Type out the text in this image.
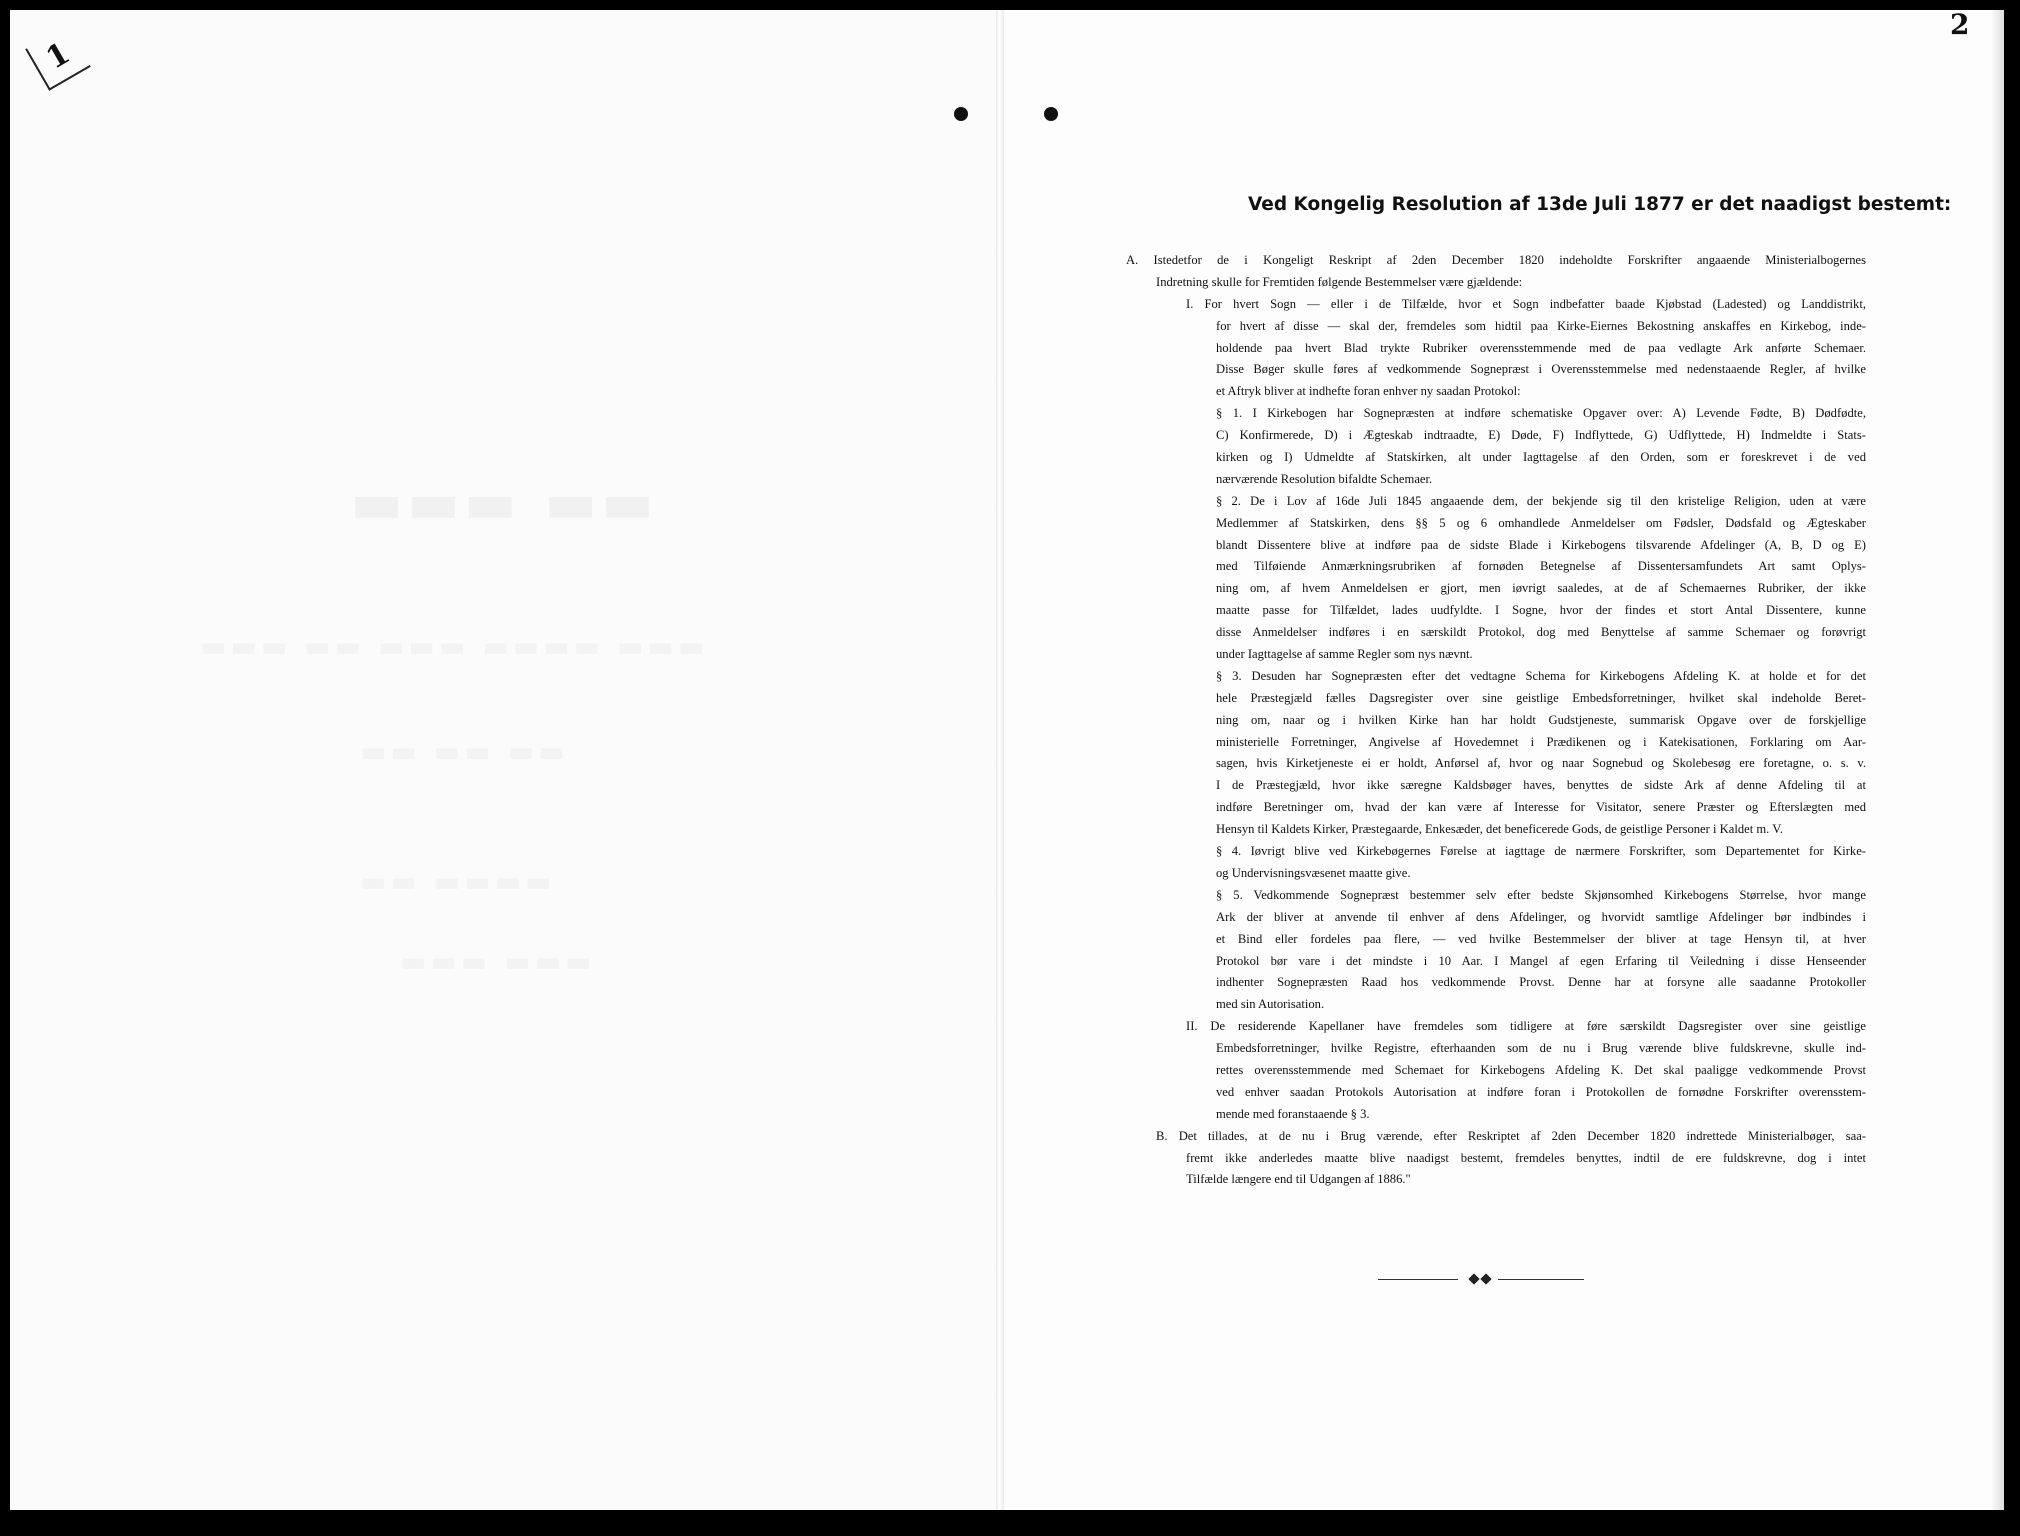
1
2
▬▬▬ ▬▬
▬▬▬ ▬▬ ▬▬▬ ▬▬▬▬ ▬▬▬
▬▬ ▬▬ ▬▬
▬▬ ▬▬▬▬
▬▬▬ ▬▬▬
Ved Kongelig Resolution af 13de Juli 1877 er det naadigst bestemt:
A. Istedetfor de i Kongeligt Reskript af 2den December 1820 indeholdte Forskrifter angaaende Ministerialbogernes
Indretning skulle for Fremtiden følgende Bestemmelser være gjældende:
I. For hvert Sogn — eller i de Tilfælde, hvor et Sogn indbefatter baade Kjøbstad (Ladested) og Landdistrikt,
for hvert af disse — skal der, fremdeles som hidtil paa Kirke-Eiernes Bekostning anskaffes en Kirkebog, inde-
holdende paa hvert Blad trykte Rubriker overensstemmende med de paa vedlagte Ark anførte Schemaer.
Disse Bøger skulle føres af vedkommende Sognepræst i Overensstemmelse med nedenstaaende Regler, af hvilke
et Aftryk bliver at indhefte foran enhver ny saadan Protokol:
§ 1. I Kirkebogen har Sognepræsten at indføre schematiske Opgaver over: A) Levende Fødte, B) Dødfødte,
C) Konfirmerede, D) i Ægteskab indtraadte, E) Døde, F) Indflyttede, G) Udflyttede, H) Indmeldte i Stats-
kirken og I) Udmeldte af Statskirken, alt under Iagttagelse af den Orden, som er foreskrevet i de ved
nærværende Resolution bifaldte Schemaer.
§ 2. De i Lov af 16de Juli 1845 angaaende dem, der bekjende sig til den kristelige Religion, uden at være
Medlemmer af Statskirken, dens §§ 5 og 6 omhandlede Anmeldelser om Fødsler, Dødsfald og Ægteskaber
blandt Dissentere blive at indføre paa de sidste Blade i Kirkebogens tilsvarende Afdelinger (A, B, D og E)
med Tilføiende Anmærkningsrubriken af fornøden Betegnelse af Dissentersamfundets Art samt Oplys-
ning om, af hvem Anmeldelsen er gjort, men iøvrigt saaledes, at de af Schemaernes Rubriker, der ikke
maatte passe for Tilfældet, lades uudfyldte. I Sogne, hvor der findes et stort Antal Dissentere, kunne
disse Anmeldelser indføres i en særskildt Protokol, dog med Benyttelse af samme Schemaer og forøvrigt
under Iagttagelse af samme Regler som nys nævnt.
§ 3. Desuden har Sognepræsten efter det vedtagne Schema for Kirkebogens Afdeling K. at holde et for det
hele Præstegjæld fælles Dagsregister over sine geistlige Embedsforretninger, hvilket skal indeholde Beret-
ning om, naar og i hvilken Kirke han har holdt Gudstjeneste, summarisk Opgave over de forskjellige
ministerielle Forretninger, Angivelse af Hovedemnet i Prædikenen og i Katekisationen, Forklaring om Aar-
sagen, hvis Kirketjeneste ei er holdt, Anførsel af, hvor og naar Sognebud og Skolebesøg ere foretagne, o. s. v.
I de Præstegjæld, hvor ikke særegne Kaldsbøger haves, benyttes de sidste Ark af denne Afdeling til at
indføre Beretninger om, hvad der kan være af Interesse for Visitator, senere Præster og Efterslægten med
Hensyn til Kaldets Kirker, Præstegaarde, Enkesæder, det beneficerede Gods, de geistlige Personer i Kaldet m. V.
§ 4. Iøvrigt blive ved Kirkebøgernes Førelse at iagttage de nærmere Forskrifter, som Departementet for Kirke-
og Undervisningsvæsenet maatte give.
§ 5. Vedkommende Sognepræst bestemmer selv efter bedste Skjønsomhed Kirkebogens Størrelse, hvor mange
Ark der bliver at anvende til enhver af dens Afdelinger, og hvorvidt samtlige Afdelinger bør indbindes i
et Bind eller fordeles paa flere, — ved hvilke Bestemmelser der bliver at tage Hensyn til, at hver
Protokol bør vare i det mindste i 10 Aar. I Mangel af egen Erfaring til Veiledning i disse Henseender
indhenter Sognepræsten Raad hos vedkommende Provst. Denne har at forsyne alle saadanne Protokoller
med sin Autorisation.
II. De residerende Kapellaner have fremdeles som tidligere at føre særskildt Dagsregister over sine geistlige
Embedsforretninger, hvilke Registre, efterhaanden som de nu i Brug værende blive fuldskrevne, skulle ind-
rettes overensstemmende med Schemaet for Kirkebogens Afdeling K. Det skal paaligge vedkommende Provst
ved enhver saadan Protokols Autorisation at indføre foran i Protokollen de fornødne Forskrifter overensstem-
mende med foranstaaende § 3.
B. Det tillades, at de nu i Brug værende, efter Reskriptet af 2den December 1820 indrettede Ministerialbøger, saa-
fremt ikke anderledes maatte blive naadigst bestemt, fremdeles benyttes, indtil de ere fuldskrevne, dog i intet
Tilfælde længere end til Udgangen af 1886."
